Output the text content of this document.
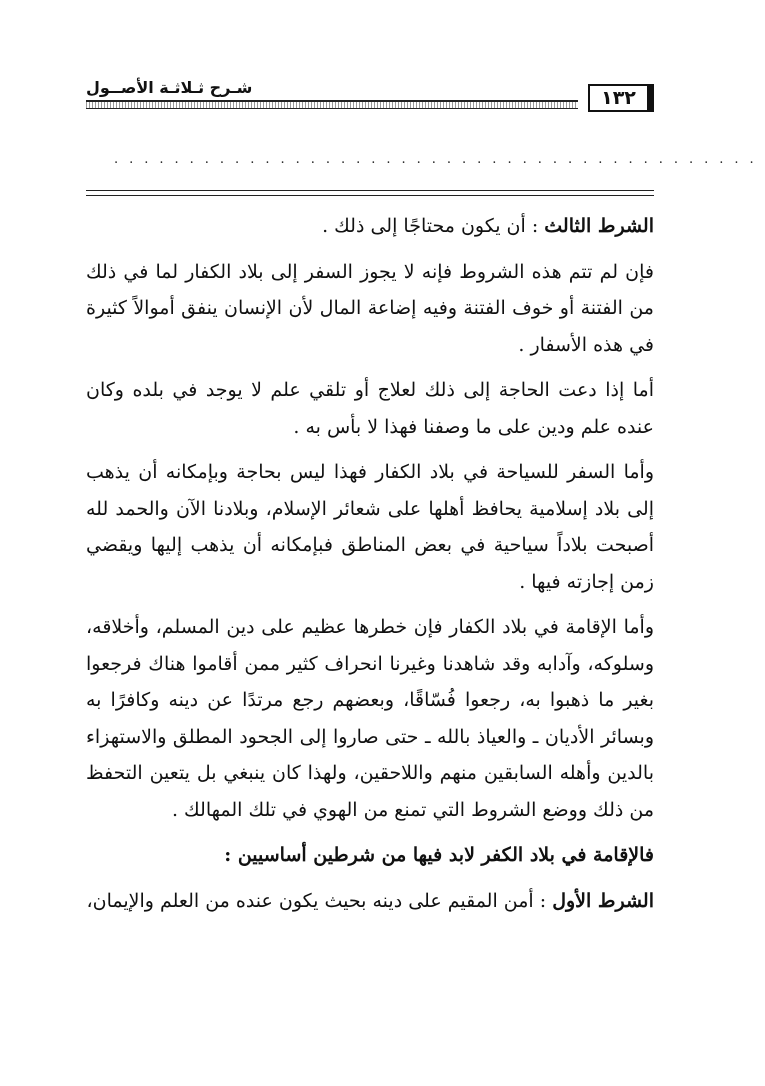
شـرح ثـلاثـة الأصــول	١٣٢
...........................................

الشرط الثالث : أن يكون محتاجًا إلى ذلك .

فإن لم تتم هذه الشروط فإنه لا يجوز السفر إلى بلاد الكفار لما في ذلك من الفتنة أو خوف الفتنة وفيه إضاعة المال لأن الإنسان ينفق أموالاً كثيرة في هذه الأسفار .

أما إذا دعت الحاجة إلى ذلك لعلاج أو تلقي علم لا يوجد في بلده وكان عنده علم ودين على ما وصفنا فهذا لا بأس به .

وأما السفر للسياحة في بلاد الكفار فهذا ليس بحاجة وبإمكانه أن يذهب إلى بلاد إسلامية يحافظ أهلها على شعائر الإسلام، وبلادنا الآن والحمد لله أصبحت بلاداً سياحية في بعض المناطق فبإمكانه أن يذهب إليها ويقضي زمن إجازته فيها .

وأما الإقامة في بلاد الكفار فإن خطرها عظيم على دين المسلم، وأخلاقه، وسلوكه، وآدابه وقد شاهدنا وغيرنا انحراف كثير ممن أقاموا هناك فرجعوا بغير ما ذهبوا به، رجعوا فُسّاقًا، وبعضهم رجع مرتدًا عن دينه وكافرًا به وبسائر الأديان ـ والعياذ بالله ـ حتى صاروا إلى الجحود المطلق والاستهزاء بالدين وأهله السابقين منهم واللاحقين، ولهذا كان ينبغي بل يتعين التحفظ من ذلك ووضع الشروط التي تمنع من الهوي في تلك المهالك .

فالإقامة في بلاد الكفر لابد فيها من شرطين أساسيين :

الشرط الأول : أمن المقيم على دينه بحيث يكون عنده من العلم والإيمان،
